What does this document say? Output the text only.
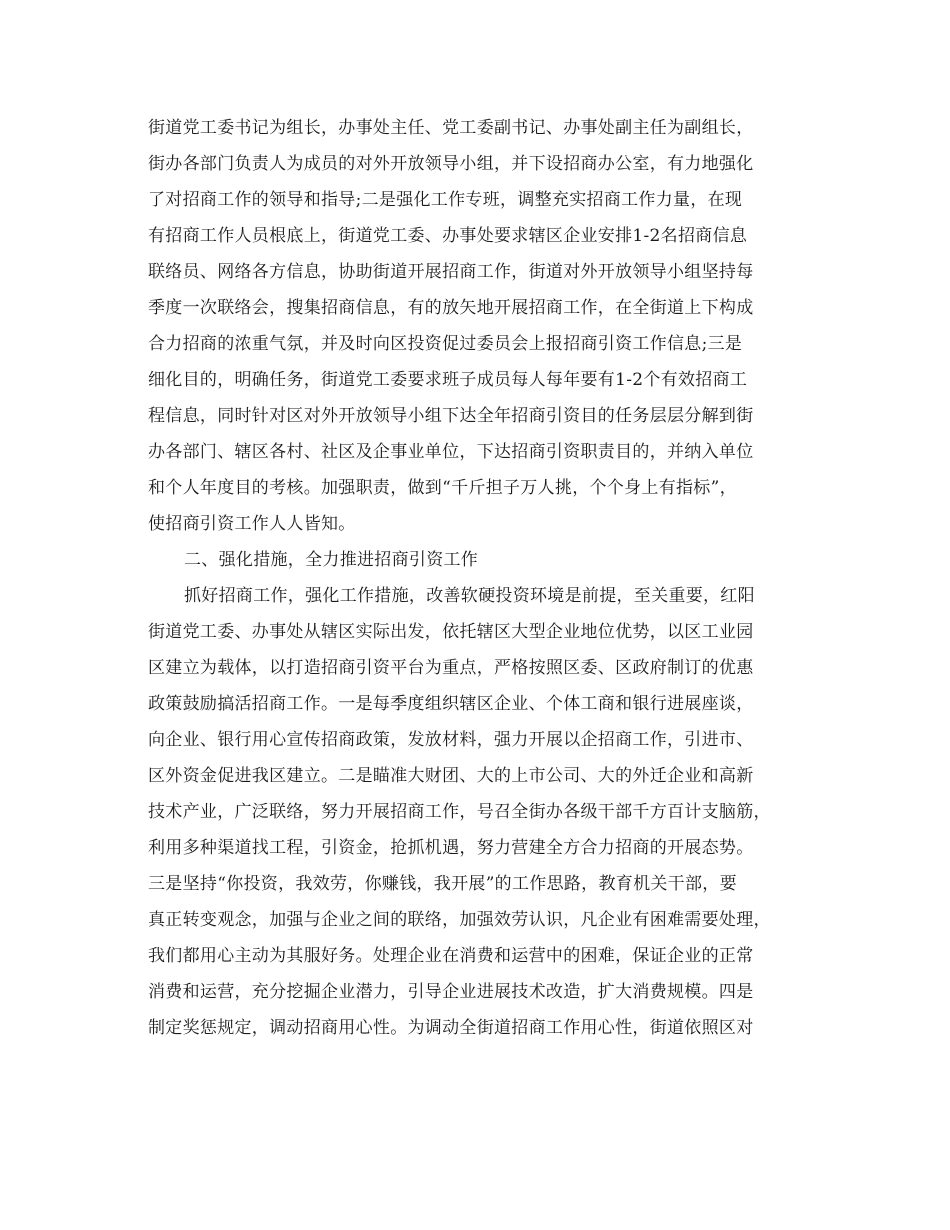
街道党工委书记为组长，办事处主任、党工委副书记、办事处副主任为副组长，
街办各部门负责人为成员的对外开放领导小组，并下设招商办公室，有力地强化
了对招商工作的领导和指导;二是强化工作专班，调整充实招商工作力量，在现
有招商工作人员根底上，街道党工委、办事处要求辖区企业安排1-2名招商信息
联络员、网络各方信息，协助街道开展招商工作，街道对外开放领导小组坚持每
季度一次联络会，搜集招商信息，有的放矢地开展招商工作，在全街道上下构成
合力招商的浓重气氛，并及时向区投资促过委员会上报招商引资工作信息;三是
细化目的，明确任务，街道党工委要求班子成员每人每年要有1-2个有效招商工
程信息，同时针对区对外开放领导小组下达全年招商引资目的任务层层分解到街
办各部门、辖区各村、社区及企事业单位，下达招商引资职责目的，并纳入单位
和个人年度目的考核。加强职责，做到“千斤担子万人挑，个个身上有指标”，
使招商引资工作人人皆知。
二、强化措施，全力推进招商引资工作
抓好招商工作，强化工作措施，改善软硬投资环境是前提，至关重要，红阳
街道党工委、办事处从辖区实际出发，依托辖区大型企业地位优势，以区工业园
区建立为载体，以打造招商引资平台为重点，严格按照区委、区政府制订的优惠
政策鼓励搞活招商工作。一是每季度组织辖区企业、个体工商和银行进展座谈，
向企业、银行用心宣传招商政策，发放材料，强力开展以企招商工作，引进市、
区外资金促进我区建立。二是瞄准大财团、大的上市公司、大的外迁企业和高新
技术产业，广泛联络，努力开展招商工作，号召全街办各级干部千方百计支脑筋，
利用多种渠道找工程，引资金，抢抓机遇，努力营建全方合力招商的开展态势。
三是坚持“你投资，我效劳，你赚钱，我开展”的工作思路，教育机关干部，要
真正转变观念，加强与企业之间的联络，加强效劳认识，凡企业有困难需要处理，
我们都用心主动为其服好务。处理企业在消费和运营中的困难，保证企业的正常
消费和运营，充分挖掘企业潜力，引导企业进展技术改造，扩大消费规模。四是
制定奖惩规定，调动招商用心性。为调动全街道招商工作用心性，街道依照区对
